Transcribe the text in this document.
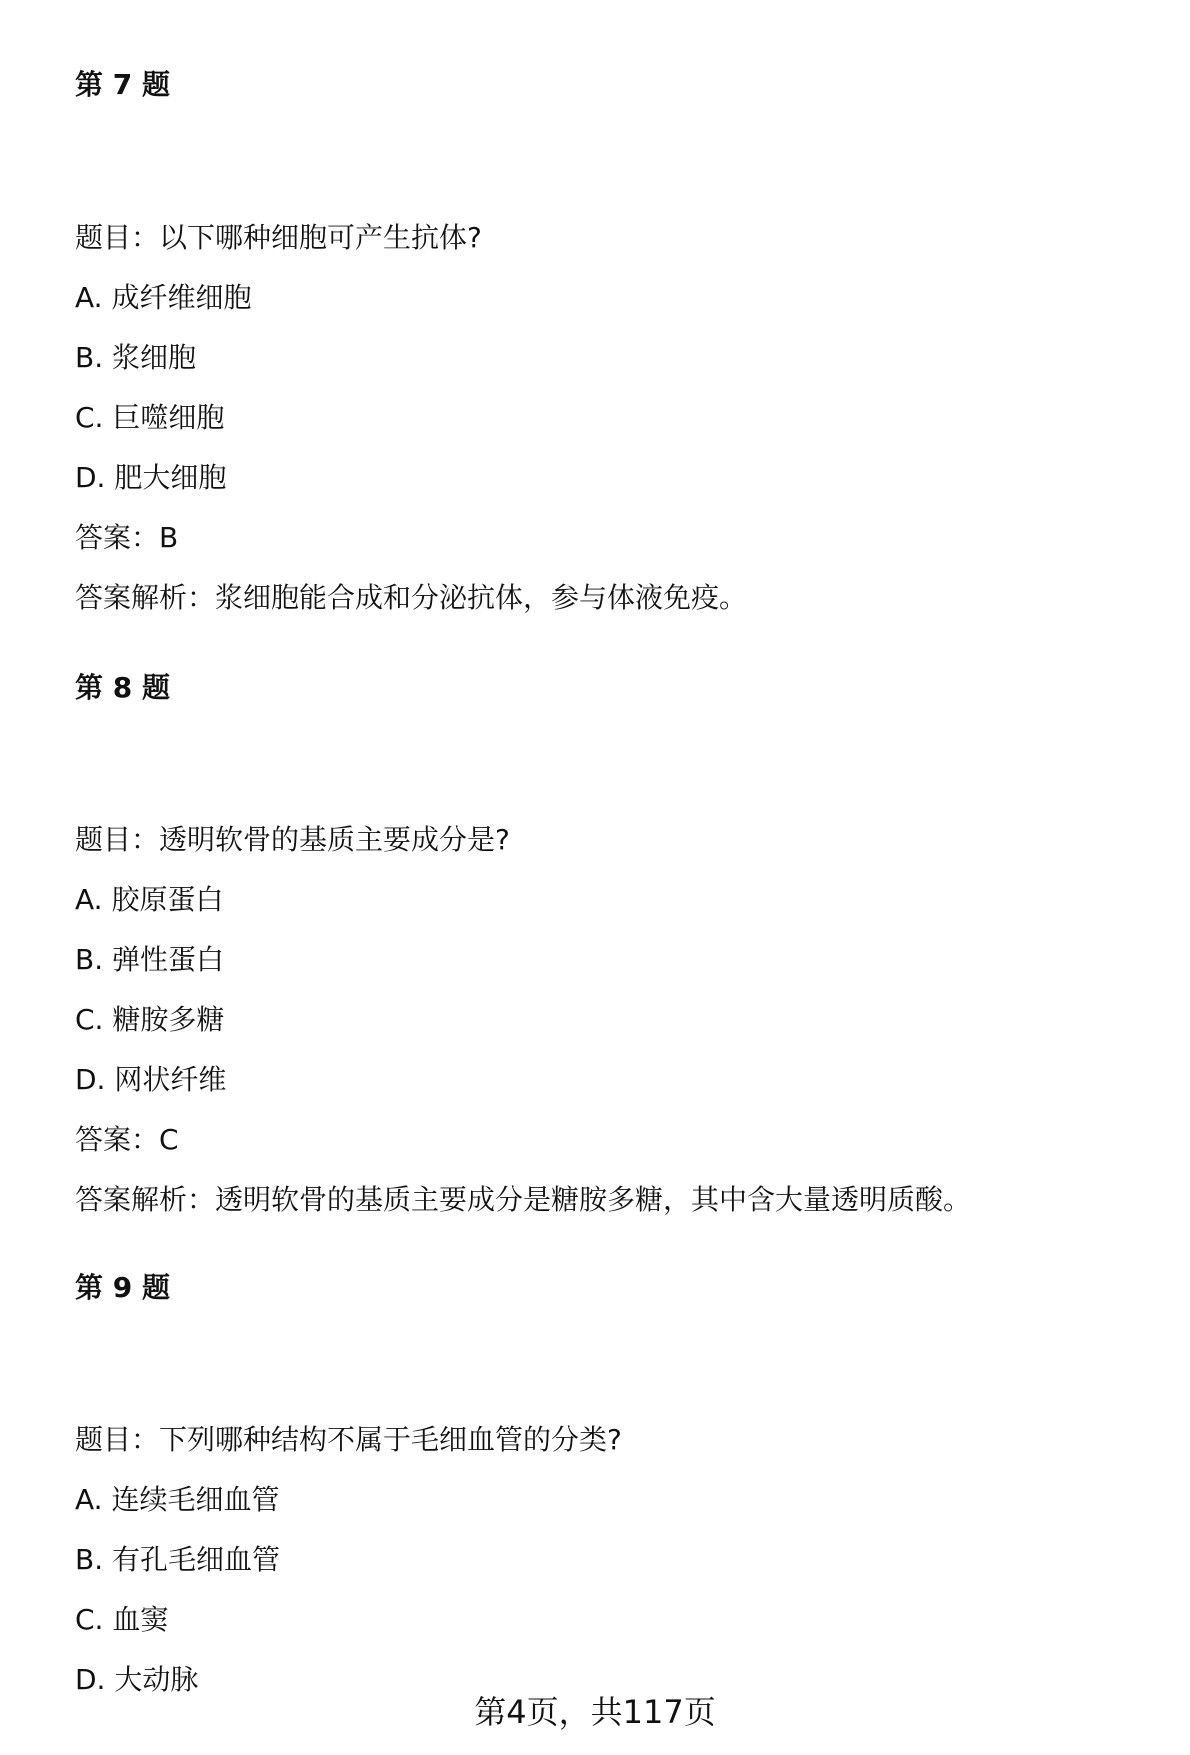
第 7 题
题目：以下哪种细胞可产生抗体?
A. 成纤维细胞
B. 浆细胞
C. 巨噬细胞
D. 肥大细胞
答案：B
答案解析：浆细胞能合成和分泌抗体，参与体液免疫。
第 8 题
题目：透明软骨的基质主要成分是?
A. 胶原蛋白
B. 弹性蛋白
C. 糖胺多糖
D. 网状纤维
答案：C
答案解析：透明软骨的基质主要成分是糖胺多糖，其中含大量透明质酸。
第 9 题
题目：下列哪种结构不属于毛细血管的分类?
A. 连续毛细血管
B. 有孔毛细血管
C. 血窦
D. 大动脉
第4页，共117页
